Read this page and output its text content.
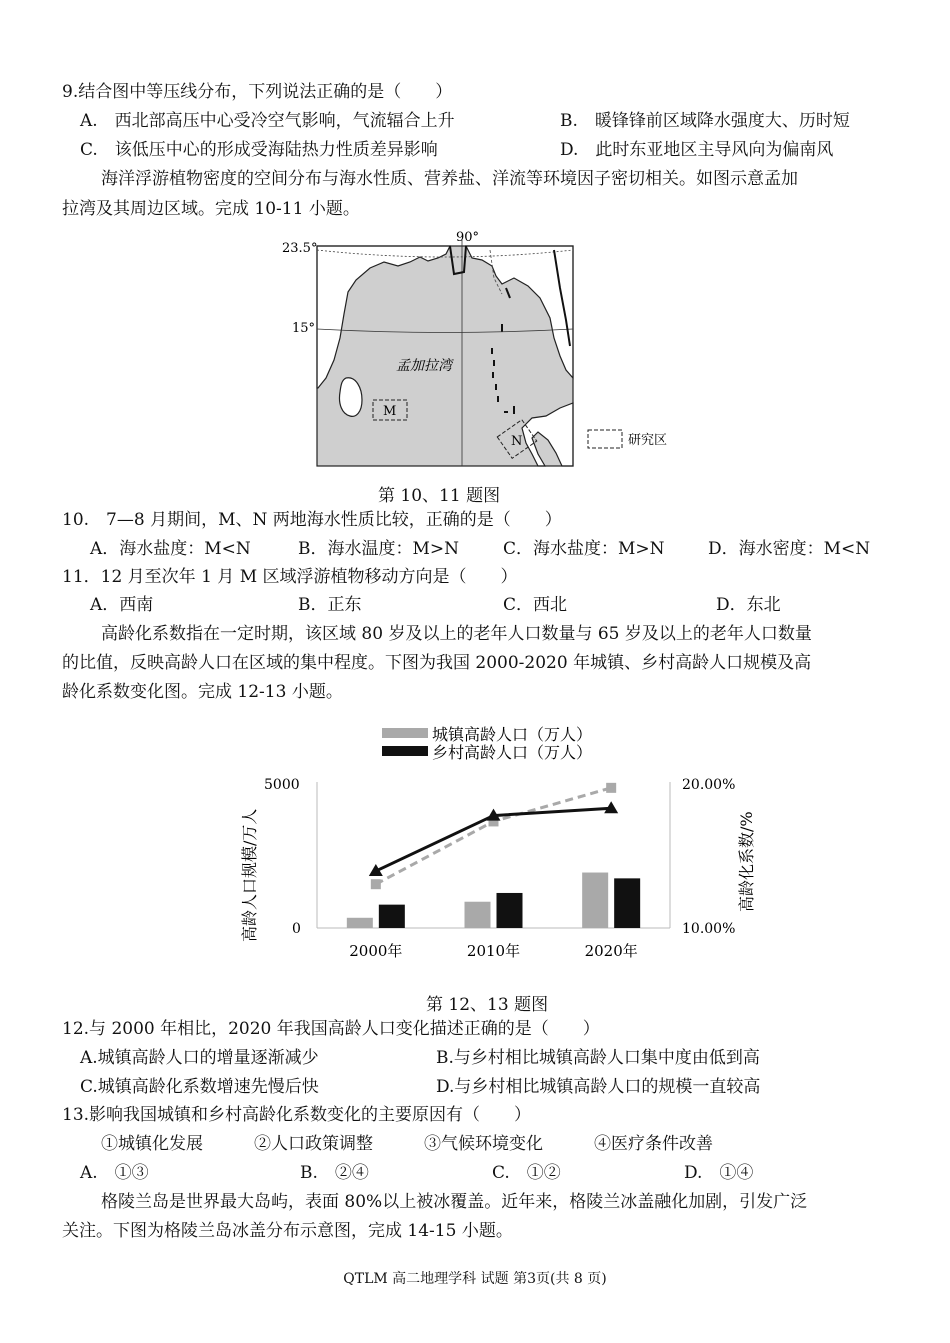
9.结合图中等压线分布，下列说法正确的是（　　）
A.　西北部高压中心受冷空气影响，气流辐合上升	B.　暖锋锋前区域降水强度大、历时短
C.　该低压中心的形成受海陆热力性质差异影响	D.　此时东亚地区主导风向为偏南风
海洋浮游植物密度的空间分布与海水性质、营养盐、洋流等环境因子密切相关。如图示意孟加
拉湾及其周边区域。完成 10-11 小题。
23.5°
15°
90°
孟加拉湾
M
N	研究区
第 10、11 题图
10.　7—8 月期间，M、N 两地海水性质比较，正确的是（　　）
A．海水盐度：M<N	B．海水温度：M>N	C．海水盐度：M>N	D．海水密度：M<N
11．12 月至次年 1 月 M 区域浮游植物移动方向是（　　）
A．西南	B．正东	C．西北	D．东北
高龄化系数指在一定时期，该区域 80 岁及以上的老年人口数量与 65 岁及以上的老年人口数量
的比值，反映高龄人口在区域的集中程度。下图为我国 2000-2020 年城镇、乡村高龄人口规模及高
龄化系数变化图。完成 12-13 小题。
城镇高龄人口（万人）
乡村高龄人口（万人）
5000
0
20.00%
10.00%
高龄人口规模/万人	高龄化系数/%
2000年	2010年	2020年
第 12、13 题图
12.与 2000 年相比，2020 年我国高龄人口变化描述正确的是（　　）
A.城镇高龄人口的增量逐渐减少	B.与乡村相比城镇高龄人口集中度由低到高
C.城镇高龄化系数增速先慢后快	D.与乡村相比城镇高龄人口的规模一直较高
13.影响我国城镇和乡村高龄化系数变化的主要原因有（　　）
①城镇化发展　　　②人口政策调整　　　③气候环境变化　　　④医疗条件改善
A.　①③	B.　②④	C.　①②	D.　①④
格陵兰岛是世界最大岛屿，表面 80%以上被冰覆盖。近年来，格陵兰冰盖融化加剧，引发广泛
关注。下图为格陵兰岛冰盖分布示意图，完成 14-15 小题。
QTLM 高二地理学科 试题 第3页(共 8 页)
